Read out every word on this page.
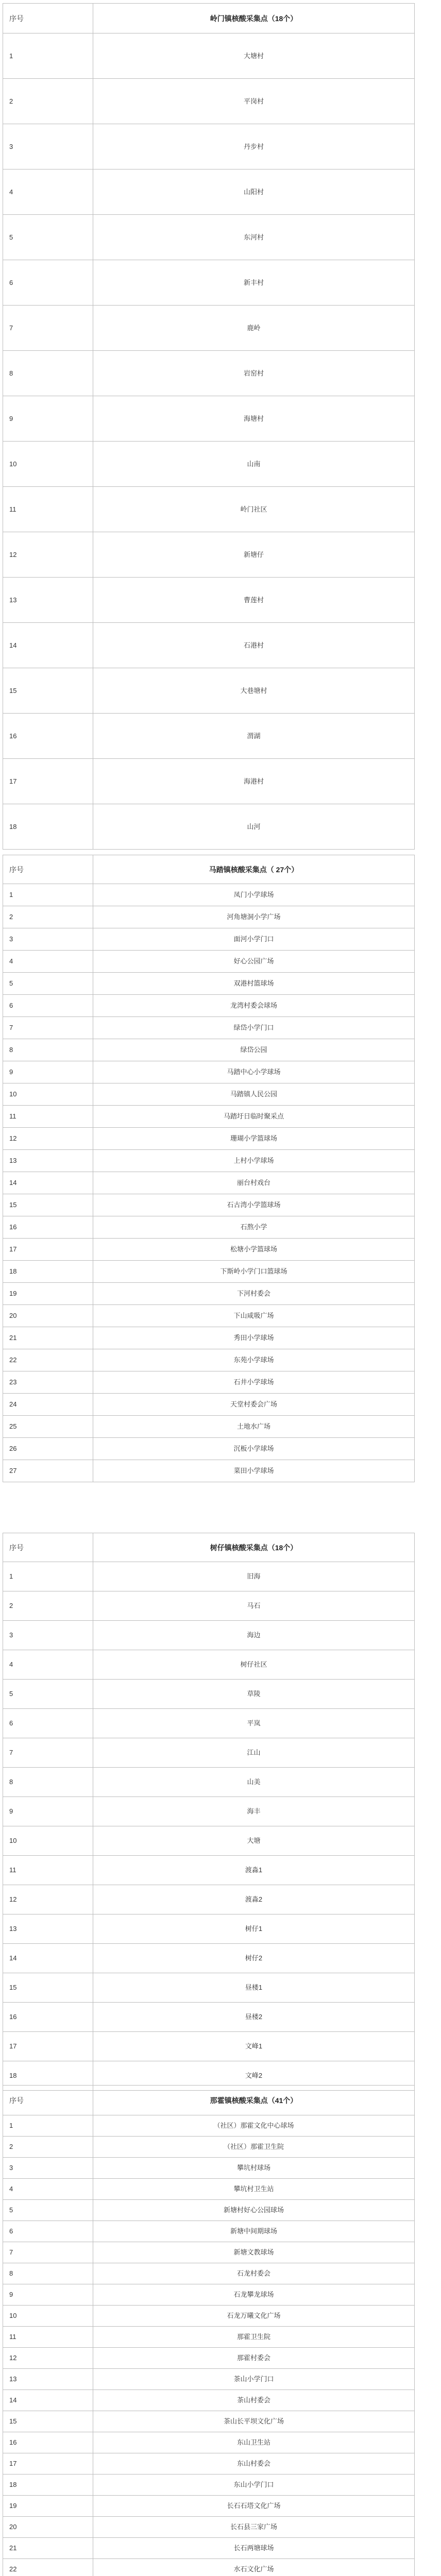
序号	岭门镇核酸采集点（18个）
1	大塘村
2	平岗村
3	丹步村
4	山阳村
5	东河村
6	新丰村
7	鹿岭
8	岩窑村
9	海塘村
10	山南
11	岭门社区
12	新塘仔
13	曹莲村
14	石港村
15	大巷塘村
16	渭湖
17	海港村
18	山河
序号	马踏镇核酸采集点（ 27个）
1	凤门小学球场
2	河角塘洞小学广场
3	面河小学门口
4	好心公园广场
5	双港村篮球场
6	龙湾村委会球场
7	绿岱小学门口
8	绿岱公园
9	马踏中心小学球场
10	马踏镇人民公园
11	马踏圩日临时聚采点
12	珊瑚小学篮球场
13	上村小学球场
14	丽台村戏台
15	石古湾小学篮球场
16	石熬小学
17	松塘小学篮球场
18	下斯岭小学门口篮球场
19	下河村委会
20	下山咸吸广场
21	秀田小学球场
22	东苑小学球场
23	石井小学球场
24	天堂村委会广场
25	土地水广场
26	沉板小学球场
27	菜田小学球场
序号	树仔镇核酸采集点（18个）
1	旧海
2	马石
3	海边
4	树仔社区
5	草陵
6	平岚
7	江山
8	山美
9	海丰
10	大塘
11	渡淼1
12	渡淼2
13	树仔1
14	树仔2
15	昼楼1
16	昼楼2
17	文峰1
18	文峰2
序号	那霍镇核酸采集点（41个）
1	（社区）那霍文化中心球场
2	（社区）那霍卫生院
3	攀坑村球场
4	攀坑村卫生站
5	新塘村好心公园球场
6	新塘中间期球场
7	新塘文教球场
8	石龙村委会
9	石龙攀龙球场
10	石龙万曦文化广场
11	那霍卫生院
12	那霍村委会
13	茶山小学门口
14	茶山村委会
15	茶山长平坝文化广场
16	东山卫生站
17	东山村委会
18	东山小学门口
19	长石石塔文化广场
20	长石县三家广场
21	长石两塘球场
22	水石文化广场
